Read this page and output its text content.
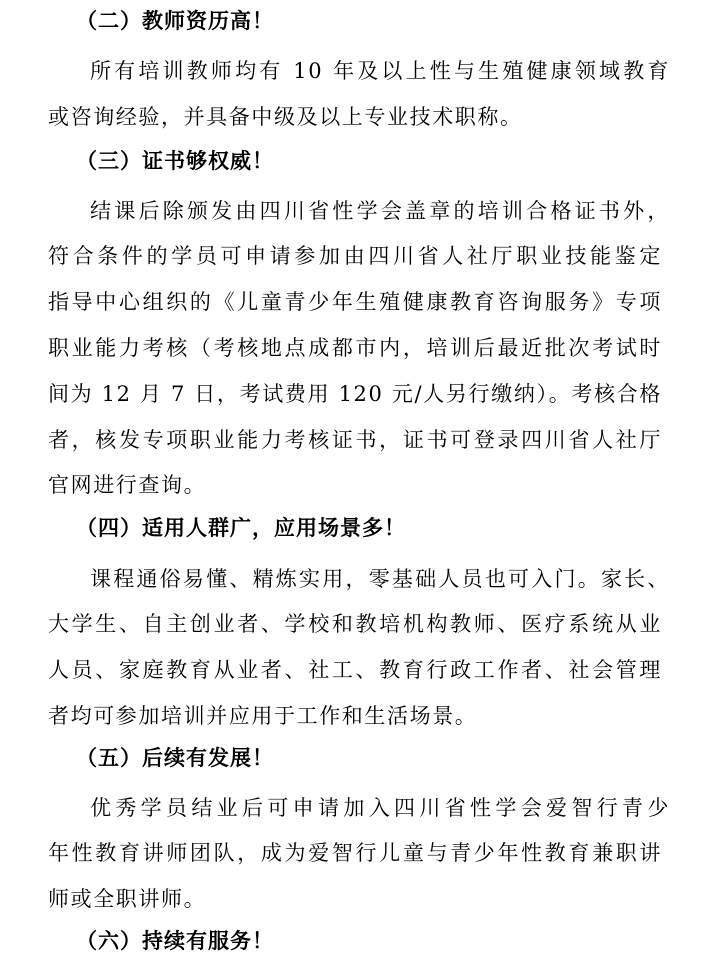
（二）教师资历高！
所有培训教师均有 10 年及以上性与生殖健康领域教育
或咨询经验，并具备中级及以上专业技术职称。
（三）证书够权威！
结课后除颁发由四川省性学会盖章的培训合格证书外，
符合条件的学员可申请参加由四川省人社厅职业技能鉴定
指导中心组织的《儿童青少年生殖健康教育咨询服务》专项
职业能力考核（考核地点成都市内，培训后最近批次考试时
间为 12 月 7 日，考试费用 120 元/人另行缴纳）。考核合格
者，核发专项职业能力考核证书，证书可登录四川省人社厅
官网进行查询。
（四）适用人群广，应用场景多！
课程通俗易懂、精炼实用，零基础人员也可入门。家长、
大学生、自主创业者、学校和教培机构教师、医疗系统从业
人员、家庭教育从业者、社工、教育行政工作者、社会管理
者均可参加培训并应用于工作和生活场景。
（五）后续有发展！
优秀学员结业后可申请加入四川省性学会爱智行青少
年性教育讲师团队，成为爱智行儿童与青少年性教育兼职讲
师或全职讲师。
（六）持续有服务！
